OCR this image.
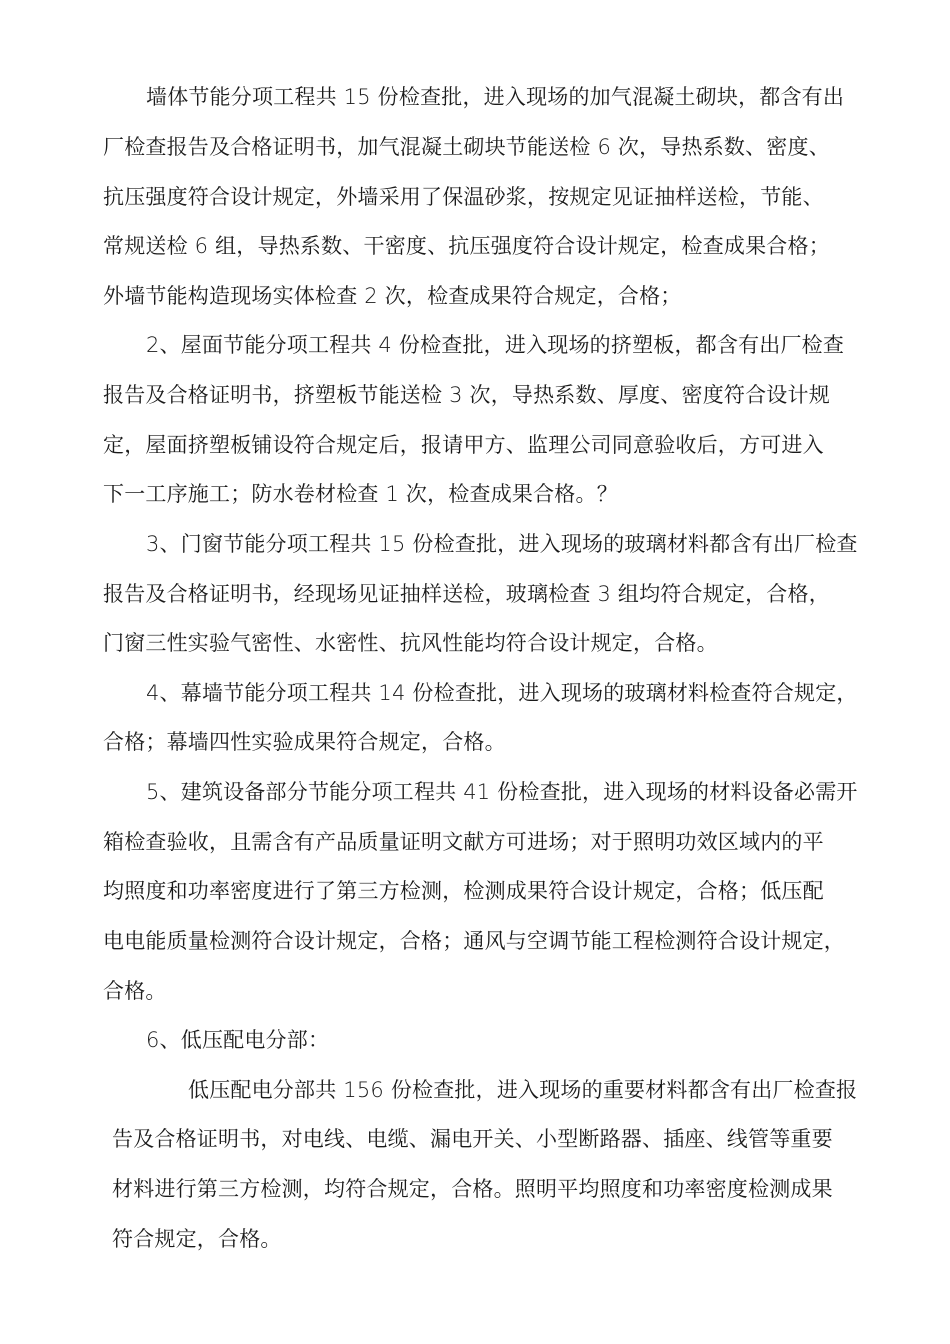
墙体节能分项工程共 15 份检查批，进入现场的加气混凝土砌块，都含有出
厂检查报告及合格证明书，加气混凝土砌块节能送检 6 次，导热系数、密度、
抗压强度符合设计规定，外墙采用了保温砂浆，按规定见证抽样送检，节能、
常规送检 6 组，导热系数、干密度、抗压强度符合设计规定，检查成果合格；
外墙节能构造现场实体检查 2 次，检查成果符合规定，合格；
2、屋面节能分项工程共 4 份检查批，进入现场的挤塑板，都含有出厂检查
报告及合格证明书，挤塑板节能送检 3 次，导热系数、厚度、密度符合设计规
定，屋面挤塑板铺设符合规定后，报请甲方、监理公司同意验收后，方可进入
下一工序施工；防水卷材检查 1 次，检查成果合格。？
3、门窗节能分项工程共 15 份检查批，进入现场的玻璃材料都含有出厂检查
报告及合格证明书，经现场见证抽样送检，玻璃检查 3 组均符合规定，合格，
门窗三性实验气密性、水密性、抗风性能均符合设计规定，合格。
4、幕墙节能分项工程共 14 份检查批，进入现场的玻璃材料检查符合规定，
合格；幕墙四性实验成果符合规定，合格。
5、建筑设备部分节能分项工程共 41 份检查批，进入现场的材料设备必需开
箱检查验收，且需含有产品质量证明文献方可进场；对于照明功效区域内的平
均照度和功率密度进行了第三方检测，检测成果符合设计规定，合格；低压配
电电能质量检测符合设计规定，合格；通风与空调节能工程检测符合设计规定，
合格。
6、低压配电分部：
低压配电分部共 156 份检查批，进入现场的重要材料都含有出厂检查报
告及合格证明书，对电线、电缆、漏电开关、小型断路器、插座、线管等重要
材料进行第三方检测，均符合规定，合格。照明平均照度和功率密度检测成果
符合规定，合格。
